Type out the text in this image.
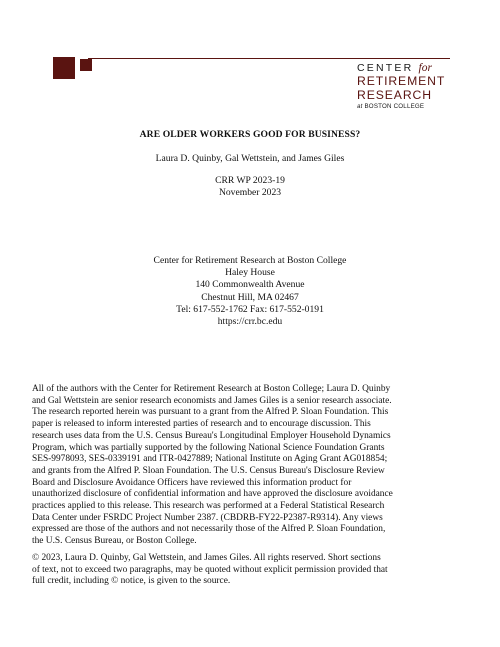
CENTER for
RETIREMENT
RESEARCH
at BOSTON COLLEGE
ARE OLDER WORKERS GOOD FOR BUSINESS?
Laura D. Quinby, Gal Wettstein, and James Giles
CRR WP 2023-19
November 2023
Center for Retirement Research at Boston College
Haley House
140 Commonwealth Avenue
Chestnut Hill, MA 02467
Tel: 617-552-1762 Fax: 617-552-0191
https://crr.bc.edu
All of the authors with the Center for Retirement Research at Boston College; Laura D. Quinby
and Gal Wettstein are senior research economists and James Giles is a senior research associate.
The research reported herein was pursuant to a grant from the Alfred P. Sloan Foundation. This
paper is released to inform interested parties of research and to encourage discussion. This
research uses data from the U.S. Census Bureau's Longitudinal Employer Household Dynamics
Program, which was partially supported by the following National Science Foundation Grants
SES-9978093, SES-0339191 and ITR-0427889; National Institute on Aging Grant AG018854;
and grants from the Alfred P. Sloan Foundation. The U.S. Census Bureau's Disclosure Review
Board and Disclosure Avoidance Officers have reviewed this information product for
unauthorized disclosure of confidential information and have approved the disclosure avoidance
practices applied to this release. This research was performed at a Federal Statistical Research
Data Center under FSRDC Project Number 2387. (CBDRB-FY22-P2387-R9314). Any views
expressed are those of the authors and not necessarily those of the Alfred P. Sloan Foundation,
the U.S. Census Bureau, or Boston College.
© 2023, Laura D. Quinby, Gal Wettstein, and James Giles. All rights reserved. Short sections
of text, not to exceed two paragraphs, may be quoted without explicit permission provided that
full credit, including © notice, is given to the source.
